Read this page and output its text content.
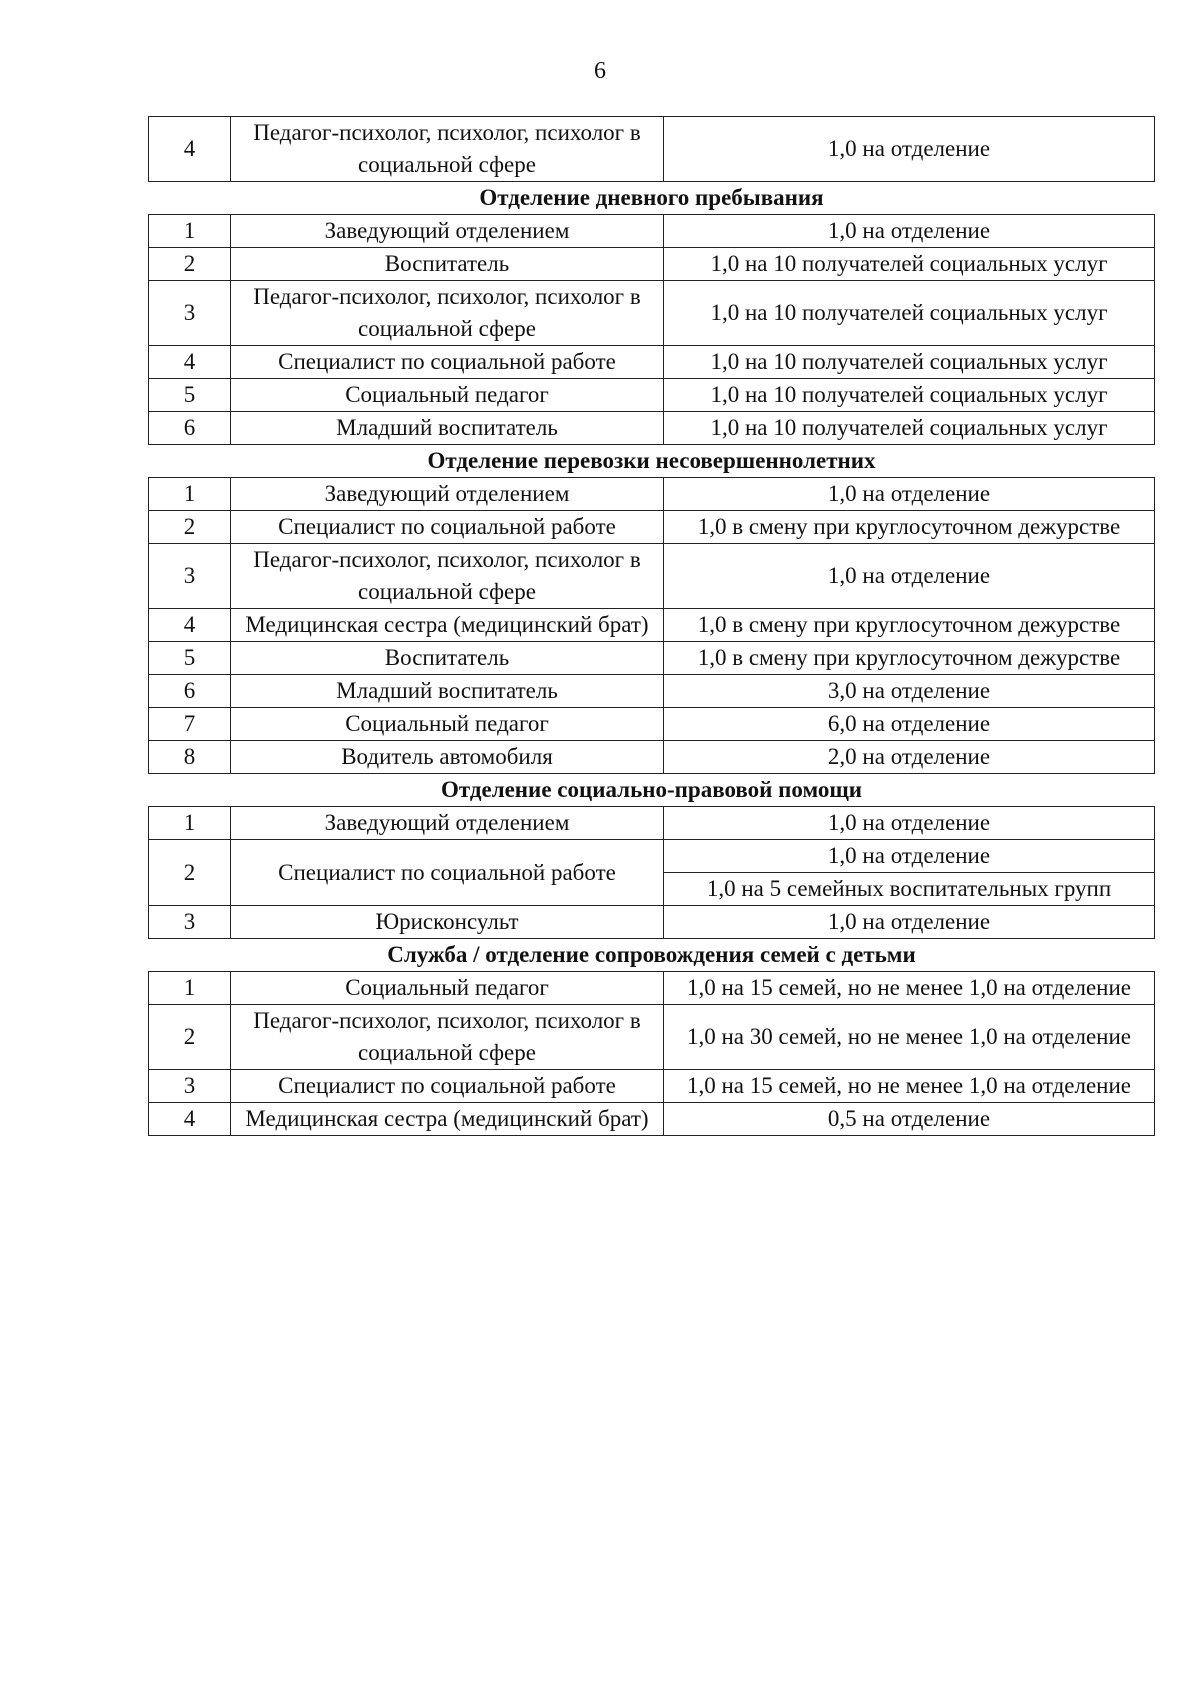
6
4	Педагог-психолог, психолог, психолог в социальной сфере	1,0 на отделение
Отделение дневного пребывания		
1	Заведующий отделением	1,0 на отделение
2	Воспитатель	1,0 на 10 получателей социальных услуг
3	Педагог-психолог, психолог, психолог в социальной сфере	1,0 на 10 получателей социальных услуг
4	Специалист по социальной работе	1,0 на 10 получателей социальных услуг
5	Социальный педагог	1,0 на 10 получателей социальных услуг
6	Младший воспитатель	1,0 на 10 получателей социальных услуг
Отделение перевозки несовершеннолетних		
1	Заведующий отделением	1,0 на отделение
2	Специалист по социальной работе	1,0 в смену при круглосуточном дежурстве
3	Педагог-психолог, психолог, психолог в социальной сфере	1,0 на отделение
4	Медицинская сестра (медицинский брат)	1,0 в смену при круглосуточном дежурстве
5	Воспитатель	1,0 в смену при круглосуточном дежурстве
6	Младший воспитатель	3,0 на отделение
7	Социальный педагог	6,0 на отделение
8	Водитель автомобиля	2,0 на отделение
Отделение социально-правовой помощи		
1	Заведующий отделением	1,0 на отделение
2	Специалист по социальной работе	1,0 на отделение
		1,0 на 5 семейных воспитательных групп
3	Юрисконсульт	1,0 на отделение
Служба / отделение сопровождения семей с детьми		
1	Социальный педагог	1,0 на 15 семей, но не менее 1,0 на отделение
2	Педагог-психолог, психолог, психолог в социальной сфере	1,0 на 30 семей, но не менее 1,0 на отделение
3	Специалист по социальной работе	1,0 на 15 семей, но не менее 1,0 на отделение
4	Медицинская сестра (медицинский брат)	0,5 на отделение
